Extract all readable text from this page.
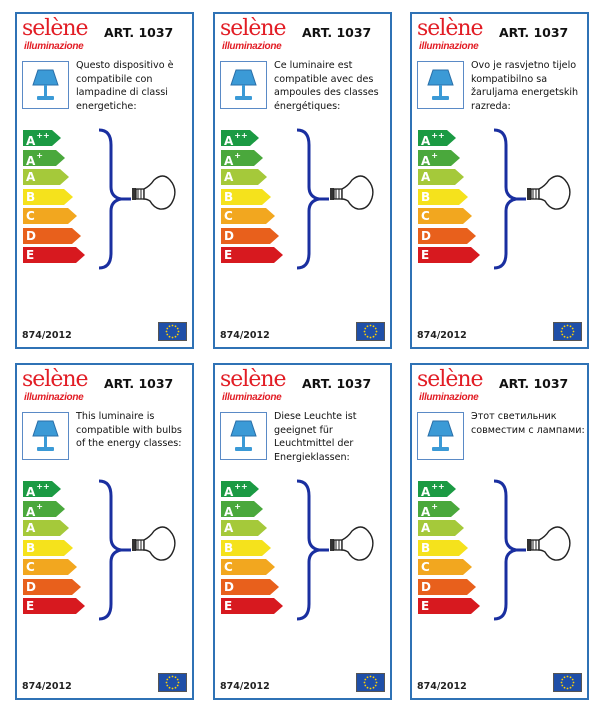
selène
illuminazione
ART. 1037
Questo dispositivo è compatibile con lampadine di classi energetiche:
A++
A+
A
B
C
D
E
874/2012
selène
illuminazione
ART. 1037
Ce luminaire est compatible avec des ampoules des classes énergétiques:
A++
A+
A
B
C
D
E
874/2012
selène
illuminazione
ART. 1037
Ovo je rasvjetno tijelo kompatibilno sa žaruljama energetskih razreda:
A++
A+
A
B
C
D
E
874/2012
selène
illuminazione
ART. 1037
This luminaire is compatible with bulbs of the energy classes:
A++
A+
A
B
C
D
E
874/2012
selène
illuminazione
ART. 1037
Diese Leuchte ist geeignet für Leuchtmittel der Energieklassen:
A++
A+
A
B
C
D
E
874/2012
selène
illuminazione
ART. 1037
Этот светильник совместим с лампами:
A++
A+
A
B
C
D
E
874/2012
